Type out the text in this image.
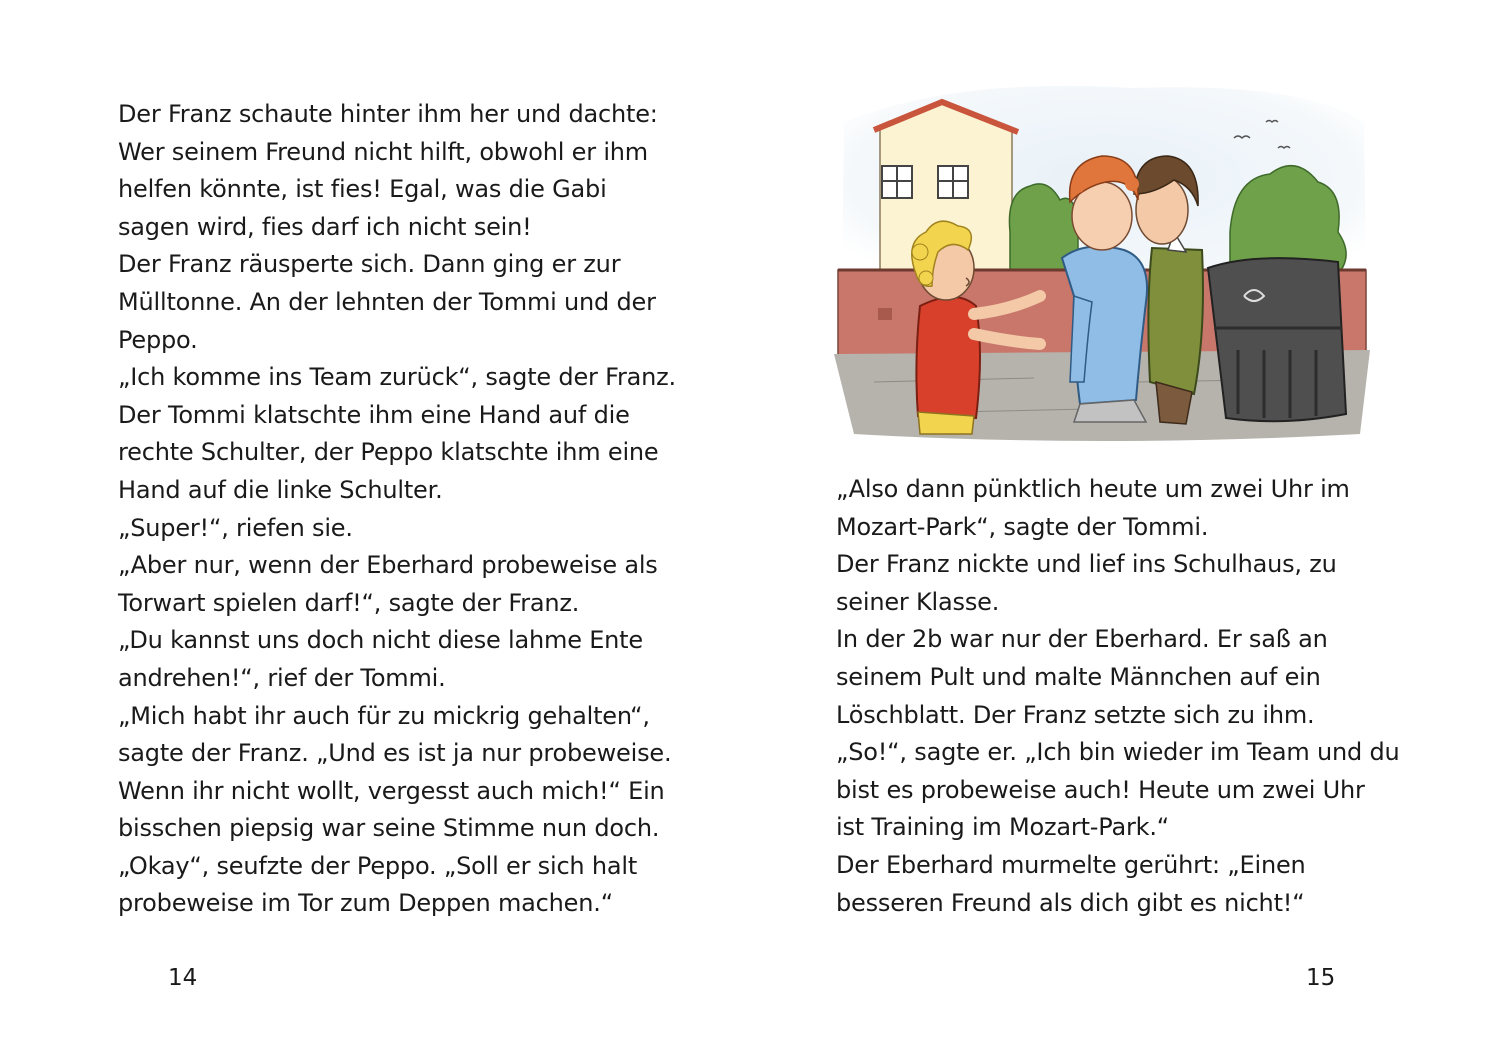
Der Franz schaute hinter ihm her und dachte:
Wer seinem Freund nicht hilft, obwohl er ihm
helfen könnte, ist fies! Egal, was die Gabi
sagen wird, fies darf ich nicht sein!
Der Franz räusperte sich. Dann ging er zur
Mülltonne. An der lehnten der Tommi und der
Peppo.
„Ich komme ins Team zurück“, sagte der Franz.
Der Tommi klatschte ihm eine Hand auf die
rechte Schulter, der Peppo klatschte ihm eine
Hand auf die linke Schulter.
„Super!“, riefen sie.
„Aber nur, wenn der Eberhard probeweise als
Torwart spielen darf!“, sagte der Franz.
„Du kannst uns doch nicht diese lahme Ente
andrehen!“, rief der Tommi.
„Mich habt ihr auch für zu mickrig gehalten“,
sagte der Franz. „Und es ist ja nur probeweise.
Wenn ihr nicht wollt, vergesst auch mich!“ Ein
bisschen piepsig war seine Stimme nun doch.
„Okay“, seufzte der Peppo. „Soll er sich halt
probeweise im Tor zum Deppen machen.“
14
„Also dann pünktlich heute um zwei Uhr im
Mozart-Park“, sagte der Tommi.
Der Franz nickte und lief ins Schulhaus, zu
seiner Klasse.
In der 2b war nur der Eberhard. Er saß an
seinem Pult und malte Männchen auf ein
Löschblatt. Der Franz setzte sich zu ihm.
„So!“, sagte er. „Ich bin wieder im Team und du
bist es probeweise auch! Heute um zwei Uhr
ist Training im Mozart-Park.“
Der Eberhard murmelte gerührt: „Einen
besseren Freund als dich gibt es nicht!“
15
